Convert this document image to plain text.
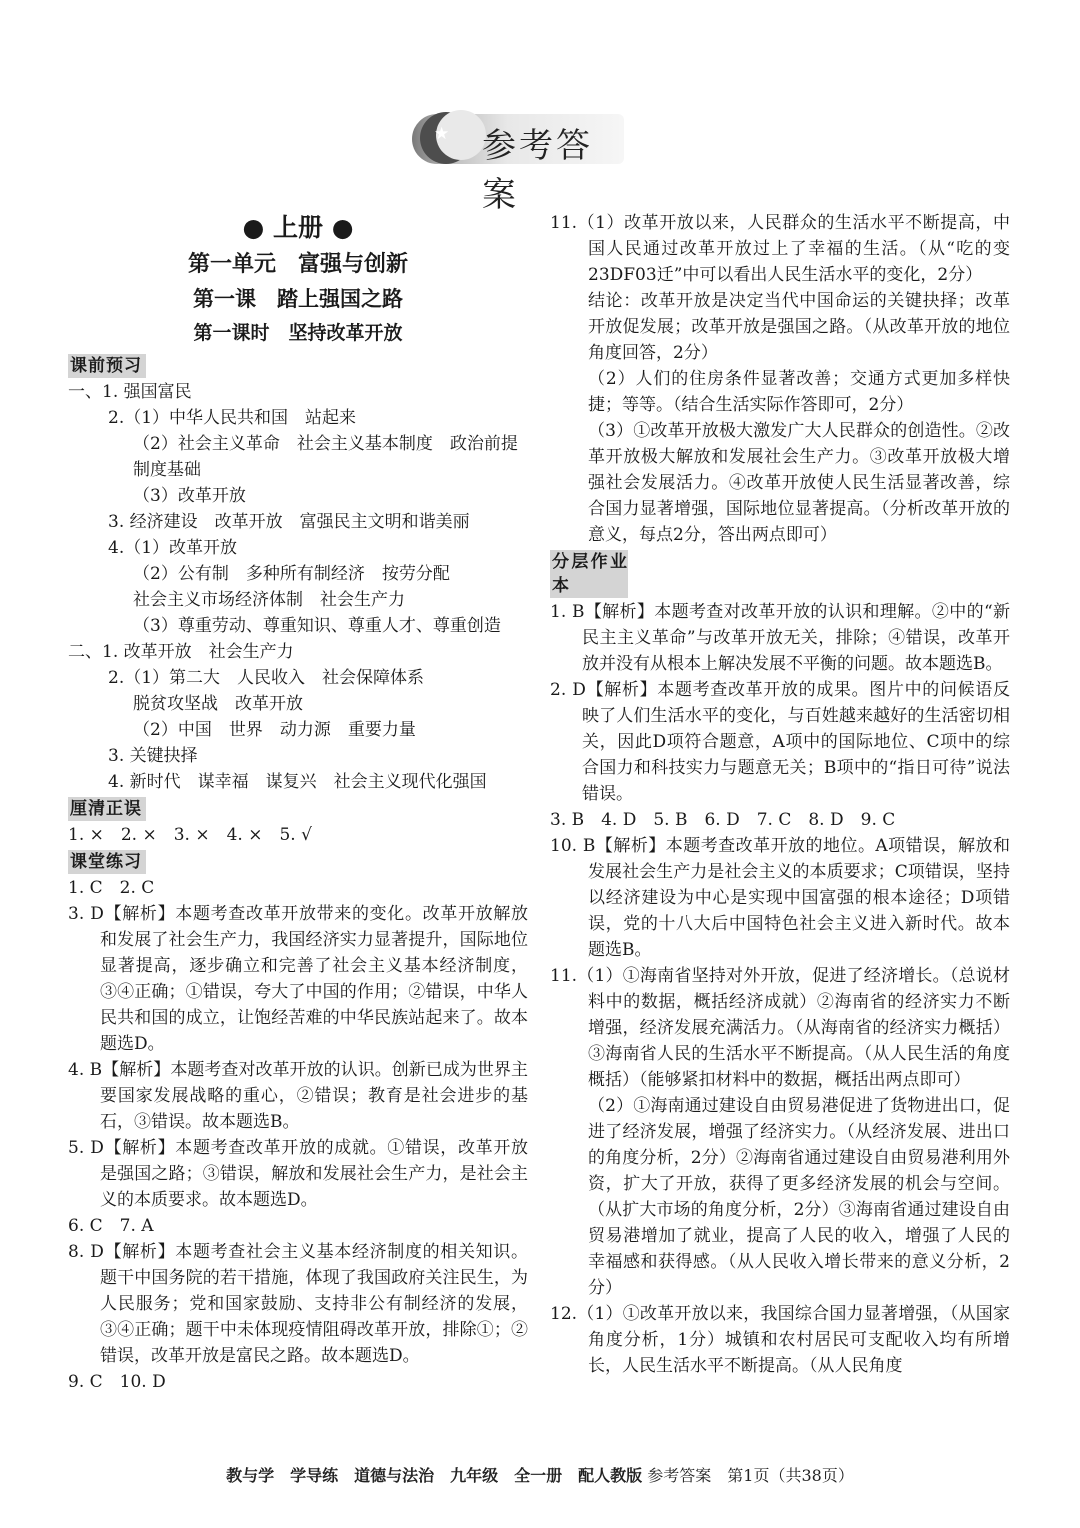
★ 参考答案
● 上册 ●
第一单元　富强与创新
第一课　踏上强国之路
第一课时　坚持改革开放
课前预习

一、1. 强国富民

2.（1）中华人民共和国　站起来

（2）社会主义革命　社会主义基本制度　政治前提

制度基础

（3）改革开放

3. 经济建设　改革开放　富强民主文明和谐美丽

4.（1）改革开放

（2）公有制　多种所有制经济　按劳分配

社会主义市场经济体制　社会生产力

（3）尊重劳动、尊重知识、尊重人才、尊重创造

二、1. 改革开放　社会生产力

2.（1）第二大　人民收入　社会保障体系

脱贫攻坚战　改革开放

（2）中国　世界　动力源　重要力量

3. 关键抉择

4. 新时代　谋幸福　谋复兴　社会主义现代化强国

厘清正误

1. ×　2. ×　3. ×　4. ×　5. √

课堂练习

1. C　2. C

3. D【解析】本题考查改革开放带来的变化。改革开放解放和发展了社会生产力，我国经济实力显著提升，国际地位显著提高，逐步确立和完善了社会主义基本经济制度，③④正确；①错误，夸大了中国的作用；②错误，中华人民共和国的成立，让饱经苦难的中华民族站起来了。故本题选D。

4. B【解析】本题考查对改革开放的认识。创新已成为世界主要国家发展战略的重心，②错误；教育是社会进步的基石，③错误。故本题选B。

5. D【解析】本题考查改革开放的成就。①错误，改革开放是强国之路；③错误，解放和发展社会生产力，是社会主义的本质要求。故本题选D。

6. C　7. A

8. D【解析】本题考查社会主义基本经济制度的相关知识。题干中国务院的若干措施，体现了我国政府关注民生，为人民服务；党和国家鼓励、支持非公有制经济的发展，③④正确；题干中未体现疫情阻碍改革开放，排除①；②错误，改革开放是富民之路。故本题选D。

9. C　10. D

11.（1）改革开放以来，人民群众的生活水平不断提高，中国人民通过改革开放过上了幸福的生活。（从“吃的变23DF03迁”中可以看出人民生活水平的变化，2分）

结论：改革开放是决定当代中国命运的关键抉择；改革开放促发展；改革开放是强国之路。（从改革开放的地位角度回答，2分）

（2）人们的住房条件显著改善；交通方式更加多样快捷；等等。（结合生活实际作答即可，2分）

（3）①改革开放极大激发广大人民群众的创造性。②改革开放极大解放和发展社会生产力。③改革开放极大增强社会发展活力。④改革开放使人民生活显著改善，综合国力显著增强，国际地位显著提高。（分析改革开放的意义，每点2分，答出两点即可）

分层作业本

1. B【解析】本题考查对改革开放的认识和理解。②中的“新民主主义革命”与改革开放无关，排除；④错误，改革开放并没有从根本上解决发展不平衡的问题。故本题选B。

2. D【解析】本题考查改革开放的成果。图片中的问候语反映了人们生活水平的变化，与百姓越来越好的生活密切相关，因此D项符合题意，A项中的国际地位、C项中的综合国力和科技实力与题意无关；B项中的“指日可待”说法错误。

3. B　4. D　5. B　6. D　7. C　8. D　9. C

10. B【解析】本题考查改革开放的地位。A项错误，解放和发展社会生产力是社会主义的本质要求；C项错误，坚持以经济建设为中心是实现中国富强的根本途径；D项错误，党的十八大后中国特色社会主义进入新时代。故本题选B。

11.（1）①海南省坚持对外开放，促进了经济增长。（总说材料中的数据，概括经济成就）②海南省的经济实力不断增强，经济发展充满活力。（从海南省的经济实力概括）③海南省人民的生活水平不断提高。（从人民生活的角度概括）（能够紧扣材料中的数据，概括出两点即可）

（2）①海南通过建设自由贸易港促进了货物进出口，促进了经济发展，增强了经济实力。（从经济发展、进出口的角度分析，2分）②海南省通过建设自由贸易港利用外资，扩大了开放，获得了更多经济发展的机会与空间。（从扩大市场的角度分析，2分）③海南省通过建设自由贸易港增加了就业，提高了人民的收入，增强了人民的幸福感和获得感。（从人民收入增长带来的意义分析，2分）

12.（1）①改革开放以来，我国综合国力显著增强，（从国家角度分析，1分）城镇和农村居民可支配收入均有所增长，人民生活水平不断提高。（从人民角度

教与学　学导练　道德与法治　九年级　全一册　配人教版 参考答案　第1页（共38页）
